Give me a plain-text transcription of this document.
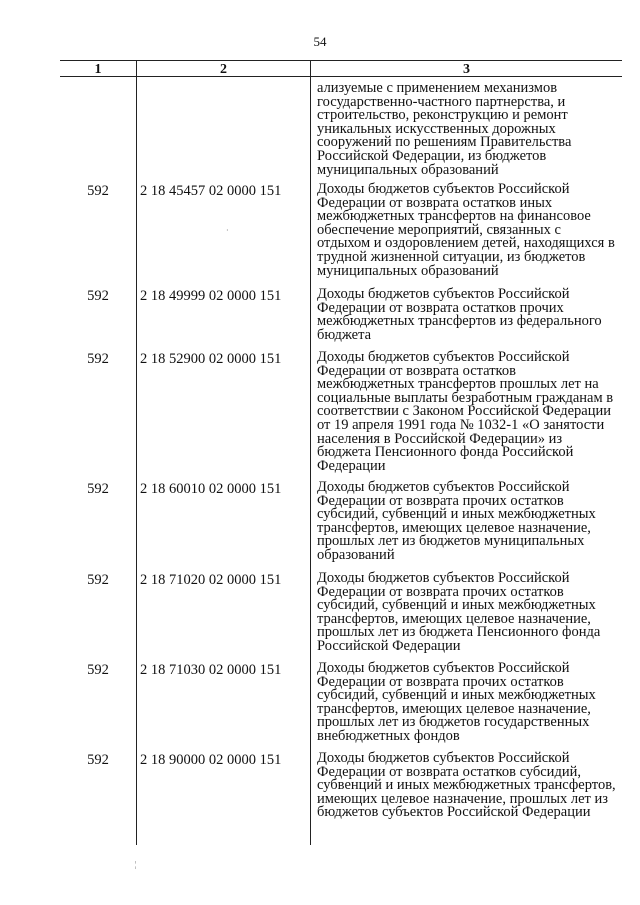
54
1	2	3
ализуемые с применением механизмов государственно-частного партнерства, и строительство, реконструкцию и ремонт уникальных искусственных дорожных сооружений по решениям Правительства Российской Федерации, из бюджетов муниципальных образований
592	2 18 45457 02 0000 151	Доходы бюджетов субъектов Российской Федерации от возврата остатков иных межбюджетных трансфертов на финансовое обеспечение мероприятий, связанных с отдыхом и оздоровлением детей, находящихся в трудной жизненной ситуации, из бюджетов муниципальных образований
592	2 18 49999 02 0000 151	Доходы бюджетов субъектов Российской Федерации от возврата остатков прочих межбюджетных трансфертов из федерального бюджета
592	2 18 52900 02 0000 151	Доходы бюджетов субъектов Российской Федерации от возврата остатков межбюджетных трансфертов прошлых лет на социальные выплаты безработным гражданам в соответствии с Законом Российской Федерации от 19 апреля 1991 года № 1032-1 «О занятости населения в Российской Федерации» из бюджета Пенсионного фонда Российской Федерации
592	2 18 60010 02 0000 151	Доходы бюджетов субъектов Российской Федерации от возврата прочих остатков субсидий, субвенций и иных межбюджетных трансфертов, имеющих целевое назначение, прошлых лет из бюджетов муниципальных образований
592	2 18 71020 02 0000 151	Доходы бюджетов субъектов Российской Федерации от возврата прочих остатков субсидий, субвенций и иных межбюджетных трансфертов, имеющих целевое назначение, прошлых лет из бюджета Пенсионного фонда Российской Федерации
592	2 18 71030 02 0000 151	Доходы бюджетов субъектов Российской Федерации от возврата прочих остатков субсидий, субвенций и иных межбюджетных трансфертов, имеющих целевое назначение, прошлых лет из бюджетов государственных внебюджетных фондов
592	2 18 90000 02 0000 151	Доходы бюджетов субъектов Российской Федерации от возврата остатков субсидий, субвенций и иных межбюджетных трансфертов, имеющих целевое назначение, прошлых лет из бюджетов субъектов Российской Федерации
¦
·
